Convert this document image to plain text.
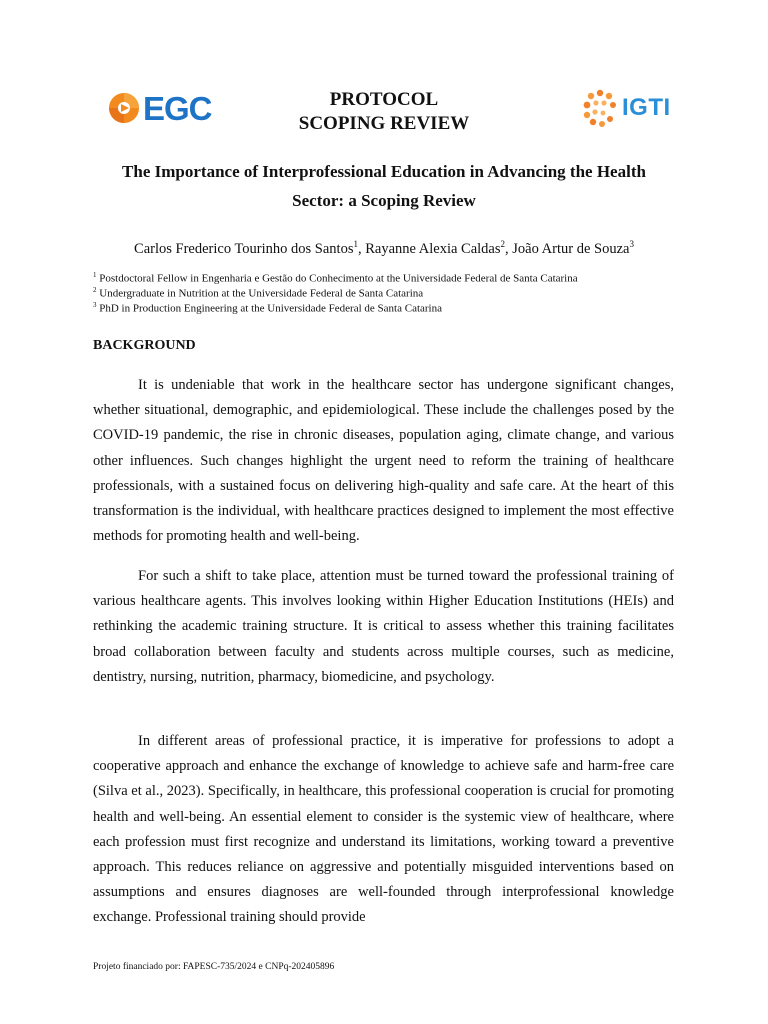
EGC	IGTI
PROTOCOL
SCOPING REVIEW
The Importance of Interprofessional Education in Advancing the Health Sector: a Scoping Review
Carlos Frederico Tourinho dos Santos$^1$, Rayanne Alexia Caldas$^2$, João Artur de Souza$^3$
$^1$ Postdoctoral Fellow in Engenharia e Gestão do Conhecimento at the Universidade Federal de Santa Catarina
$^2$ Undergraduate in Nutrition at the Universidade Federal de Santa Catarina
$^3$ PhD in Production Engineering at the Universidade Federal de Santa Catarina
BACKGROUND

It is undeniable that work in the healthcare sector has undergone significant changes, whether situational, demographic, and epidemiological. These include the challenges posed by the COVID-19 pandemic, the rise in chronic diseases, population aging, climate change, and various other influences. Such changes highlight the urgent need to reform the training of healthcare professionals, with a sustained focus on delivering high-quality and safe care. At the heart of this transformation is the individual, with healthcare practices designed to implement the most effective methods for promoting health and well-being.

For such a shift to take place, attention must be turned toward the professional training of various healthcare agents. This involves looking within Higher Education Institutions (HEIs) and rethinking the academic training structure. It is critical to assess whether this training facilitates broad collaboration between faculty and students across multiple courses, such as medicine, dentistry, nursing, nutrition, pharmacy, biomedicine, and psychology.

In different areas of professional practice, it is imperative for professions to adopt a cooperative approach and enhance the exchange of knowledge to achieve safe and harm-free care (Silva et al., 2023). Specifically, in healthcare, this professional cooperation is crucial for promoting health and well-being. An essential element to consider is the systemic view of healthcare, where each profession must first recognize and understand its limitations, working toward a preventive approach. This reduces reliance on aggressive and potentially misguided interventions based on assumptions and ensures diagnoses are well-founded through interprofessional knowledge exchange. Professional training should provide

Projeto financiado por: FAPESC-735/2024 e CNPq-202405896
